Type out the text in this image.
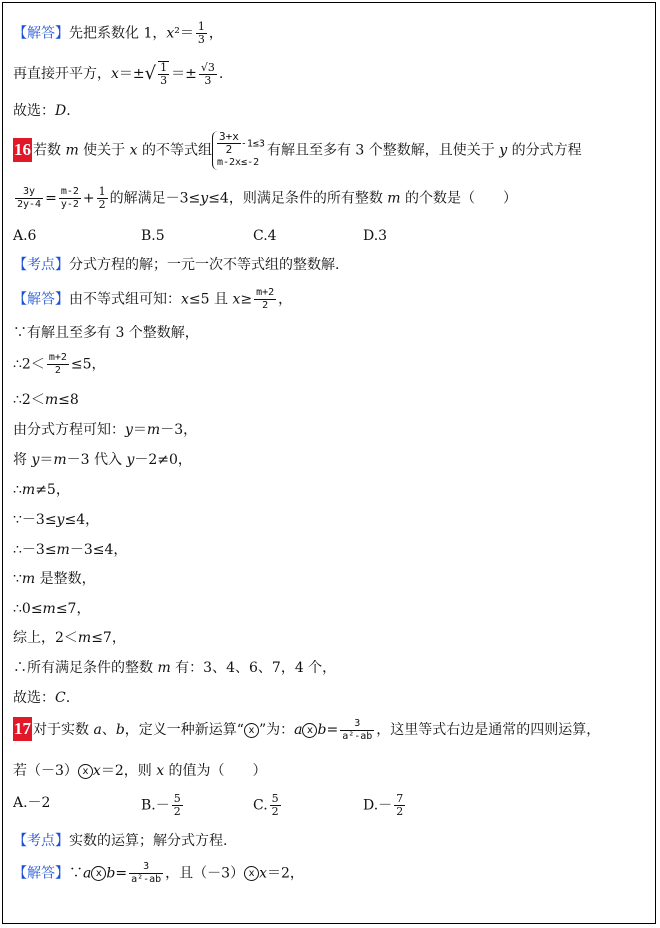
【解答】先把系数化 1，$x^2= \frac{1}{3}$ ，
再直接开平方，$x=\pm√ \frac{1}{3} =\pm \frac{√3}{3}$ .
故选：D.
16 若数 m 使关于 x 的不等式组 $\frac{3+x}{2} -1\le 3$
m-2x≤-2有解且至多有 3 个整数解，且使关于 y 的分式方程
$\frac{3y}{2y-4} = \frac{m-2}{y-2} + \frac{1}{2}$ 的解满足－3≤y≤4，则满足条件的所有整数 m 的个数是（　　）
A.6	B.5	C.4	D.3
【考点】分式方程的解；一元一次不等式组的整数解.
【解答】由不等式组可知：x≤5 且 $x\ge \frac{m+2}{2}$ ，
∵有解且至多有 3 个整数解，
∴2＜ $\frac{m+2}{2} \le 5$，
∴2＜m≤8
由分式方程可知：y＝m－3，
将 y＝m－3 代入 y－2≠0，
∴m≠5，
∵－3≤y≤4，
∴－3≤m－3≤4，
∵m 是整数，
∴0≤m≤7，
综上，2＜m≤7，
∴所有满足条件的整数 m 有：3、4、6、7，4 个，
故选：C.
17 对于实数 a、b，定义一种新运算“ x ”为：a x $b= \frac{3}{\text{a²-ab}}$ ，这里等式右边是通常的四则运算，
若（－3） x x＝2，则 x 的值为（　　）
A.－2	$B.- \frac{5}{2}$	C. $\frac{5}{2}$	$D.- \frac{7}{2}$
【考点】实数的运算；解分式方程.
【解答】∵a x $b= \frac{3}{\text{a²-ab}}$ ，且（－3） x x＝2，
